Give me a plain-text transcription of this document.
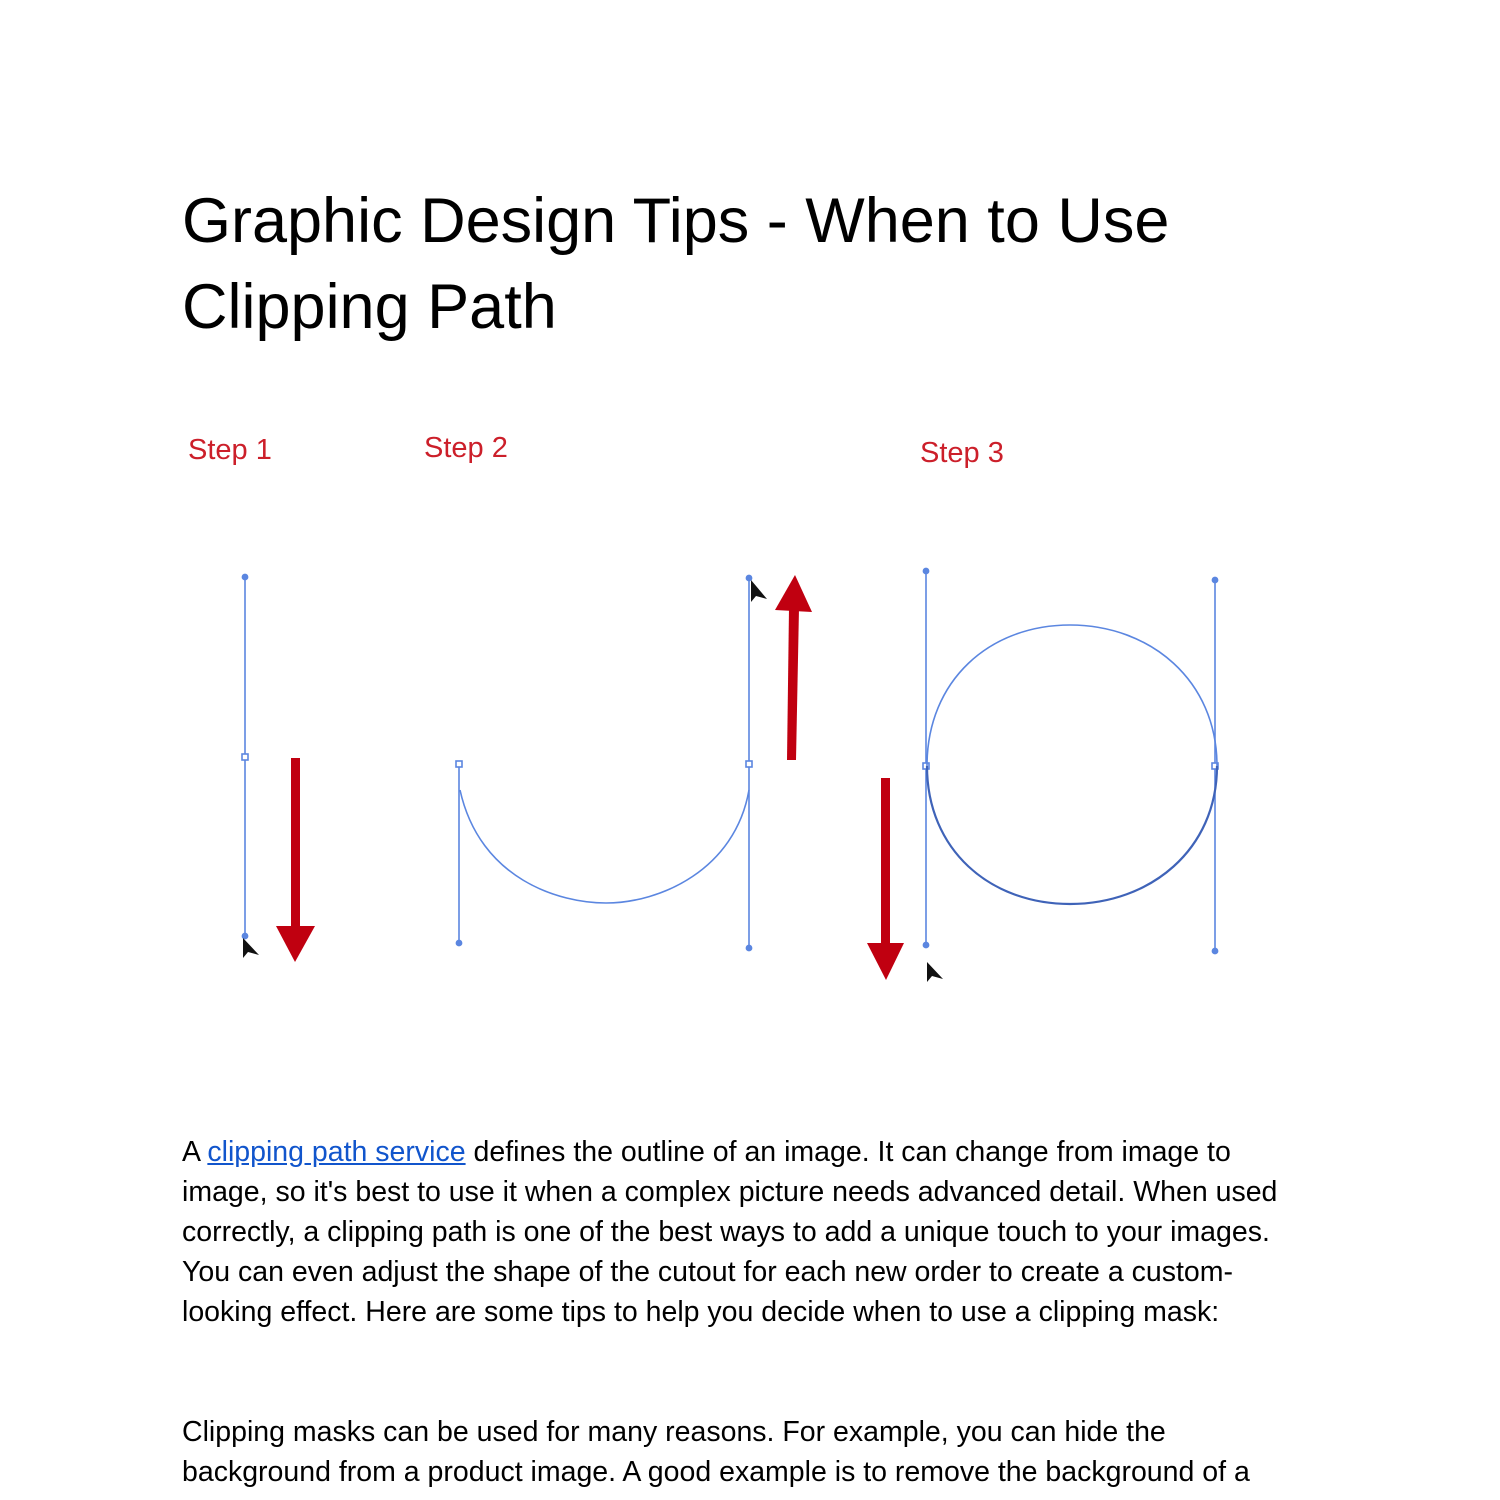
Graphic Design Tips - When to Use Clipping Path
Step 1	Step 2	Step 3

A clipping path service defines the outline of an image. It can change from image to image, so it's best to use it when a complex picture needs advanced detail. When used correctly, a clipping path is one of the best ways to add a unique touch to your images. You can even adjust the shape of the cutout for each new order to create a custom-looking effect. Here are some tips to help you decide when to use a clipping mask:

Clipping masks can be used for many reasons. For example, you can hide the background from a product image. A good example is to remove the background of a
